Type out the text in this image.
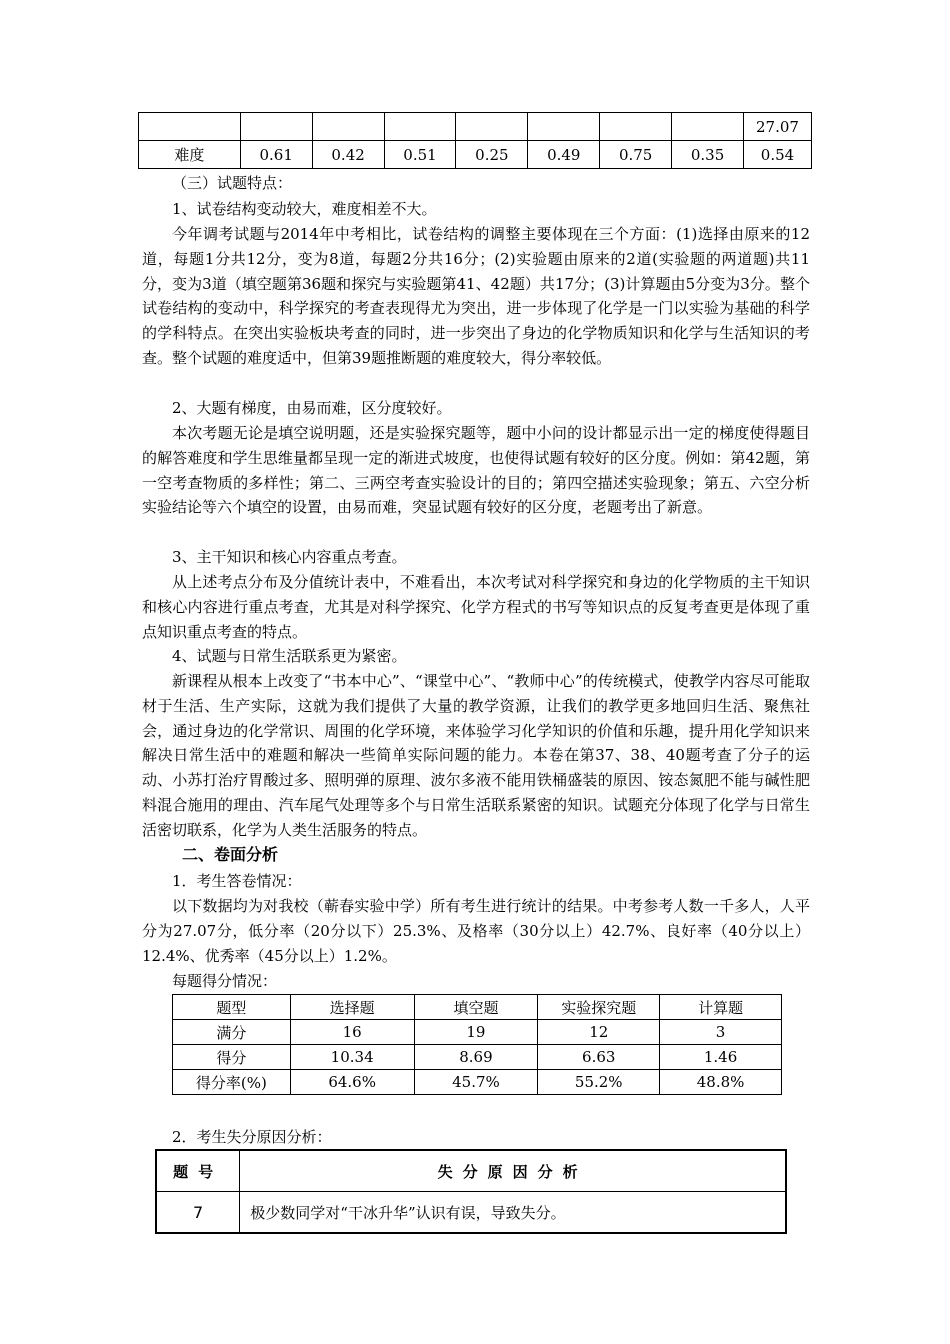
								27.07
难度	0.61	0.42	0.51	0.25	0.49	0.75	0.35	0.54

（三）试题特点：

1、试卷结构变动较大，难度相差不大。

今年调考试题与2014年中考相比，试卷结构的调整主要体现在三个方面：(1)选择由原来的12道，每题1分共12分，变为8道，每题2分共16分；(2)实验题由原来的2道(实验题的两道题)共11分，变为3道（填空题第36题和探究与实验题第41、42题）共17分；(3)计算题由5分变为3分。整个试卷结构的变动中，科学探究的考查表现得尤为突出，进一步体现了化学是一门以实验为基础的科学的学科特点。在突出实验板块考查的同时，进一步突出了身边的化学物质知识和化学与生活知识的考查。整个试题的难度适中，但第39题推断题的难度较大，得分率较低。

2、大题有梯度，由易而难，区分度较好。

本次考题无论是填空说明题，还是实验探究题等，题中小问的设计都显示出一定的梯度使得题目的解答难度和学生思维量都呈现一定的渐进式坡度，也使得试题有较好的区分度。例如：第42题，第一空考查物质的多样性；第二、三两空考查实验设计的目的；第四空描述实验现象；第五、六空分析实验结论等六个填空的设置，由易而难，突显试题有较好的区分度，老题考出了新意。

3、主干知识和核心内容重点考查。

从上述考点分布及分值统计表中，不难看出，本次考试对科学探究和身边的化学物质的主干知识和核心内容进行重点考查，尤其是对科学探究、化学方程式的书写等知识点的反复考查更是体现了重点知识重点考查的特点。

4、试题与日常生活联系更为紧密。

新课程从根本上改变了“书本中心”、“课堂中心”、“教师中心”的传统模式，使教学内容尽可能取材于生活、生产实际，这就为我们提供了大量的教学资源，让我们的教学更多地回归生活、聚焦社会，通过身边的化学常识、周围的化学环境，来体验学习化学知识的价值和乐趣，提升用化学知识来解决日常生活中的难题和解决一些简单实际问题的能力。本卷在第37、38、40题考查了分子的运动、小苏打治疗胃酸过多、照明弹的原理、波尔多液不能用铁桶盛装的原因、铵态氮肥不能与碱性肥料混合施用的理由、汽车尾气处理等多个与日常生活联系紧密的知识。试题充分体现了化学与日常生活密切联系，化学为人类生活服务的特点。

二、卷面分析

1．考生答卷情况：

以下数据均为对我校（蕲春实验中学）所有考生进行统计的结果。中考参考人数一千多人，人平分为27.07分，低分率（20分以下）25.3%、及格率（30分以上）42.7%、良好率（40分以上）12.4%、优秀率（45分以上）1.2%。

每题得分情况：

题型	选择题	填空题	实验探究题	计算题
满分	16	19	12	3
得分	10.34	8.69	6.63	1.46
得分率(%)	64.6%	45.7%	55.2%	48.8%

2．考生失分原因分析：

题号	失分原因分析
7	极少数同学对“干冰升华”认识有误，导致失分。
